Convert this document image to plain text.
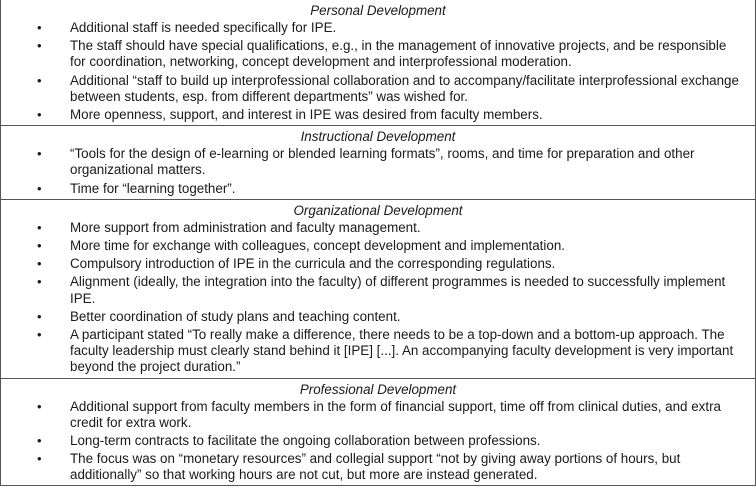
Personal Development
• Additional staff is needed specifically for IPE.
• The staff should have special qualifications, e.g., in the management of innovative projects, and be responsible for coordination, networking, concept development and interprofessional moderation.
• Additional “staff to build up interprofessional collaboration and to accompany/facilitate interprofessional exchange between students, esp. from different departments” was wished for.
• More openness, support, and interest in IPE was desired from faculty members.
Instructional Development
• “Tools for the design of e-learning or blended learning formats”, rooms, and time for preparation and other organizational matters.
• Time for “learning together”.
Organizational Development
• More support from administration and faculty management.
• More time for exchange with colleagues, concept development and implementation.
• Compulsory introduction of IPE in the curricula and the corresponding regulations.
• Alignment (ideally, the integration into the faculty) of different programmes is needed to successfully implement IPE.
• Better coordination of study plans and teaching content.
• A participant stated “To really make a difference, there needs to be a top-down and a bottom-up approach. The faculty leadership must clearly stand behind it [IPE] [...]. An accompanying faculty development is very important beyond the project duration.”
Professional Development
• Additional support from faculty members in the form of financial support, time off from clinical duties, and extra credit for extra work.
• Long-term contracts to facilitate the ongoing collaboration between professions.
• The focus was on “monetary resources” and collegial support “not by giving away portions of hours, but additionally” so that working hours are not cut, but more are instead generated.
